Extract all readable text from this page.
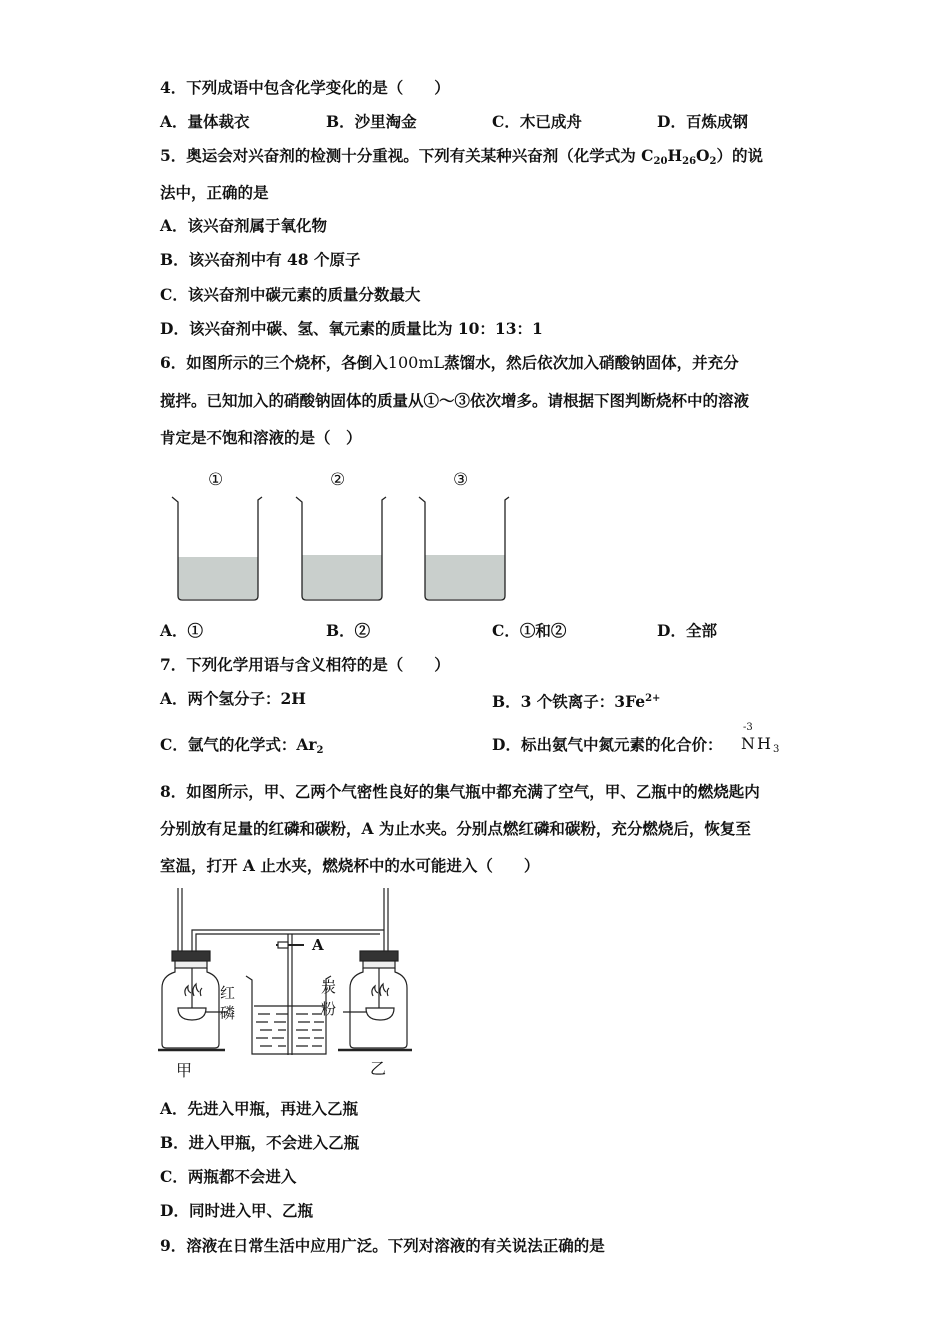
4．下列成语中包含化学变化的是（　　）
A．量体裁衣	B．沙里淘金	C．木已成舟	D．百炼成钢
5．奥运会对兴奋剂的检测十分重视。下列有关某种兴奋剂（化学式为 $C_{20}H_{26}O_2$）的说
法中，正确的是
A．该兴奋剂属于氧化物
B．该兴奋剂中有 48 个原子
C．该兴奋剂中碳元素的质量分数最大
D．该兴奋剂中碳、氢、氧元素的质量比为 10：13：1
6．如图所示的三个烧杯，各倒入100mL蒸馏水，然后依次加入硝酸钠固体，并充分
搅拌。已知加入的硝酸钠固体的质量从①～③依次增多。请根据下图判断烧杯中的溶液
肯定是不饱和溶液的是（　）
①	②	③
A．①	B．②	C．①和②	D．全部
7．下列化学用语与含义相符的是（　　）
A．两个氢分子：2H	B．3 个铁离子：$3Fe^{2+}$
C．氩气的化学式：$Ar_2$	D．标出氨气中氮元素的化合价：
-3
$NH_3$
8．如图所示，甲、乙两个气密性良好的集气瓶中都充满了空气，甲、乙瓶中的燃烧匙内
分别放有足量的红磷和碳粉，A 为止水夹。分别点燃红磷和碳粉，充分燃烧后，恢复至
室温，打开 A 止水夹，燃烧杯中的水可能进入（　　）
A
红
磷
炭
粉
甲	乙
A．先进入甲瓶，再进入乙瓶
B．进入甲瓶，不会进入乙瓶
C．两瓶都不会进入
D．同时进入甲、乙瓶
9．溶液在日常生活中应用广泛。下列对溶液的有关说法正确的是
